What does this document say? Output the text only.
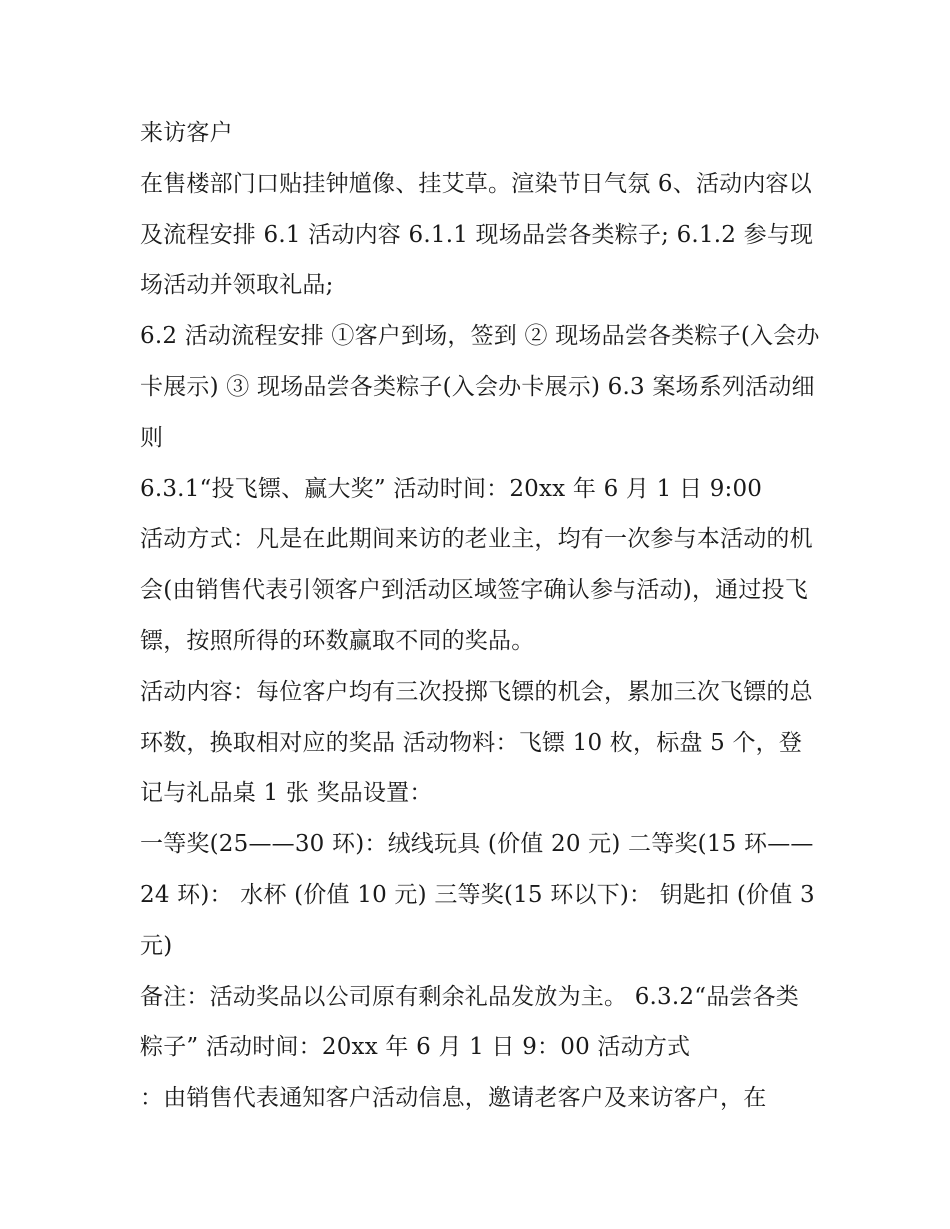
来访客户

在售楼部门口贴挂钟馗像、挂艾草。渲染节日气氛 6、活动内容以及流程安排 6.1 活动内容 6.1.1 现场品尝各类粽子; 6.1.2 参与现场活动并领取礼品;

6.2 活动流程安排 ①客户到场，签到 ② 现场品尝各类粽子(入会办卡展示) ③ 现场品尝各类粽子(入会办卡展示) 6.3 案场系列活动细则

6.3.1“投飞镖、赢大奖” 活动时间：20xx 年 6 月 1 日 9:00

活动方式：凡是在此期间来访的老业主，均有一次参与本活动的机会(由销售代表引领客户到活动区域签字确认参与活动)，通过投飞镖，按照所得的环数赢取不同的奖品。

活动内容：每位客户均有三次投掷飞镖的机会，累加三次飞镖的总环数，换取相对应的奖品 活动物料：飞镖 10 枚，标盘 5 个，登记与礼品桌 1 张 奖品设置：

一等奖(25——30 环)：绒线玩具 (价值 20 元) 二等奖(15 环——24 环)： 水杯 (价值 10 元) 三等奖(15 环以下)： 钥匙扣 (价值 3 元)

备注：活动奖品以公司原有剩余礼品发放为主。 6.3.2“品尝各类粽子” 活动时间：20xx 年 6 月 1 日 9：00 活动方式

：由销售代表通知客户活动信息，邀请老客户及来访客户，在
